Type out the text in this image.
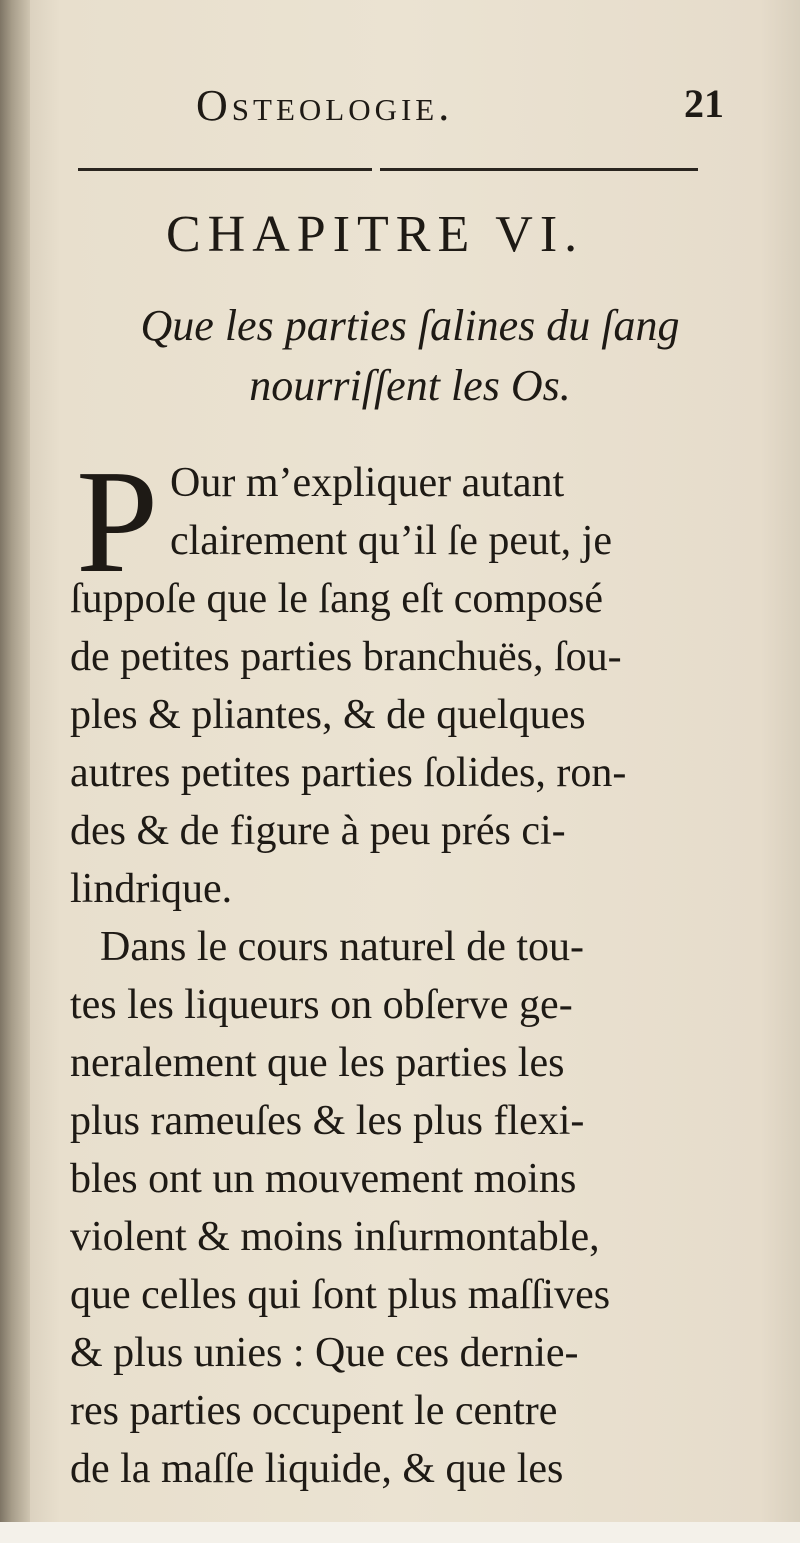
Osteologie.	21
CHAPITRE VI.
Que les parties ſalines du ſang
nourriſſent les Os.
P Our m’expliquer autant
clairement qu’il ſe peut, je
ſuppoſe que le ſang eſt composé
de petites parties branchuës, ſou-
ples & pliantes, & de quelques
autres petites parties ſolides, ron-
des & de figure à peu prés ci-
lindrique.
Dans le cours naturel de tou-
tes les liqueurs on obſerve ge-
neralement que les parties les
plus rameuſes & les plus flexi-
bles ont un mouvement moins
violent & moins inſurmontable,
que celles qui ſont plus maſſives
& plus unies : Que ces dernie-
res parties occupent le centre
de la maſſe liquide, & que les
